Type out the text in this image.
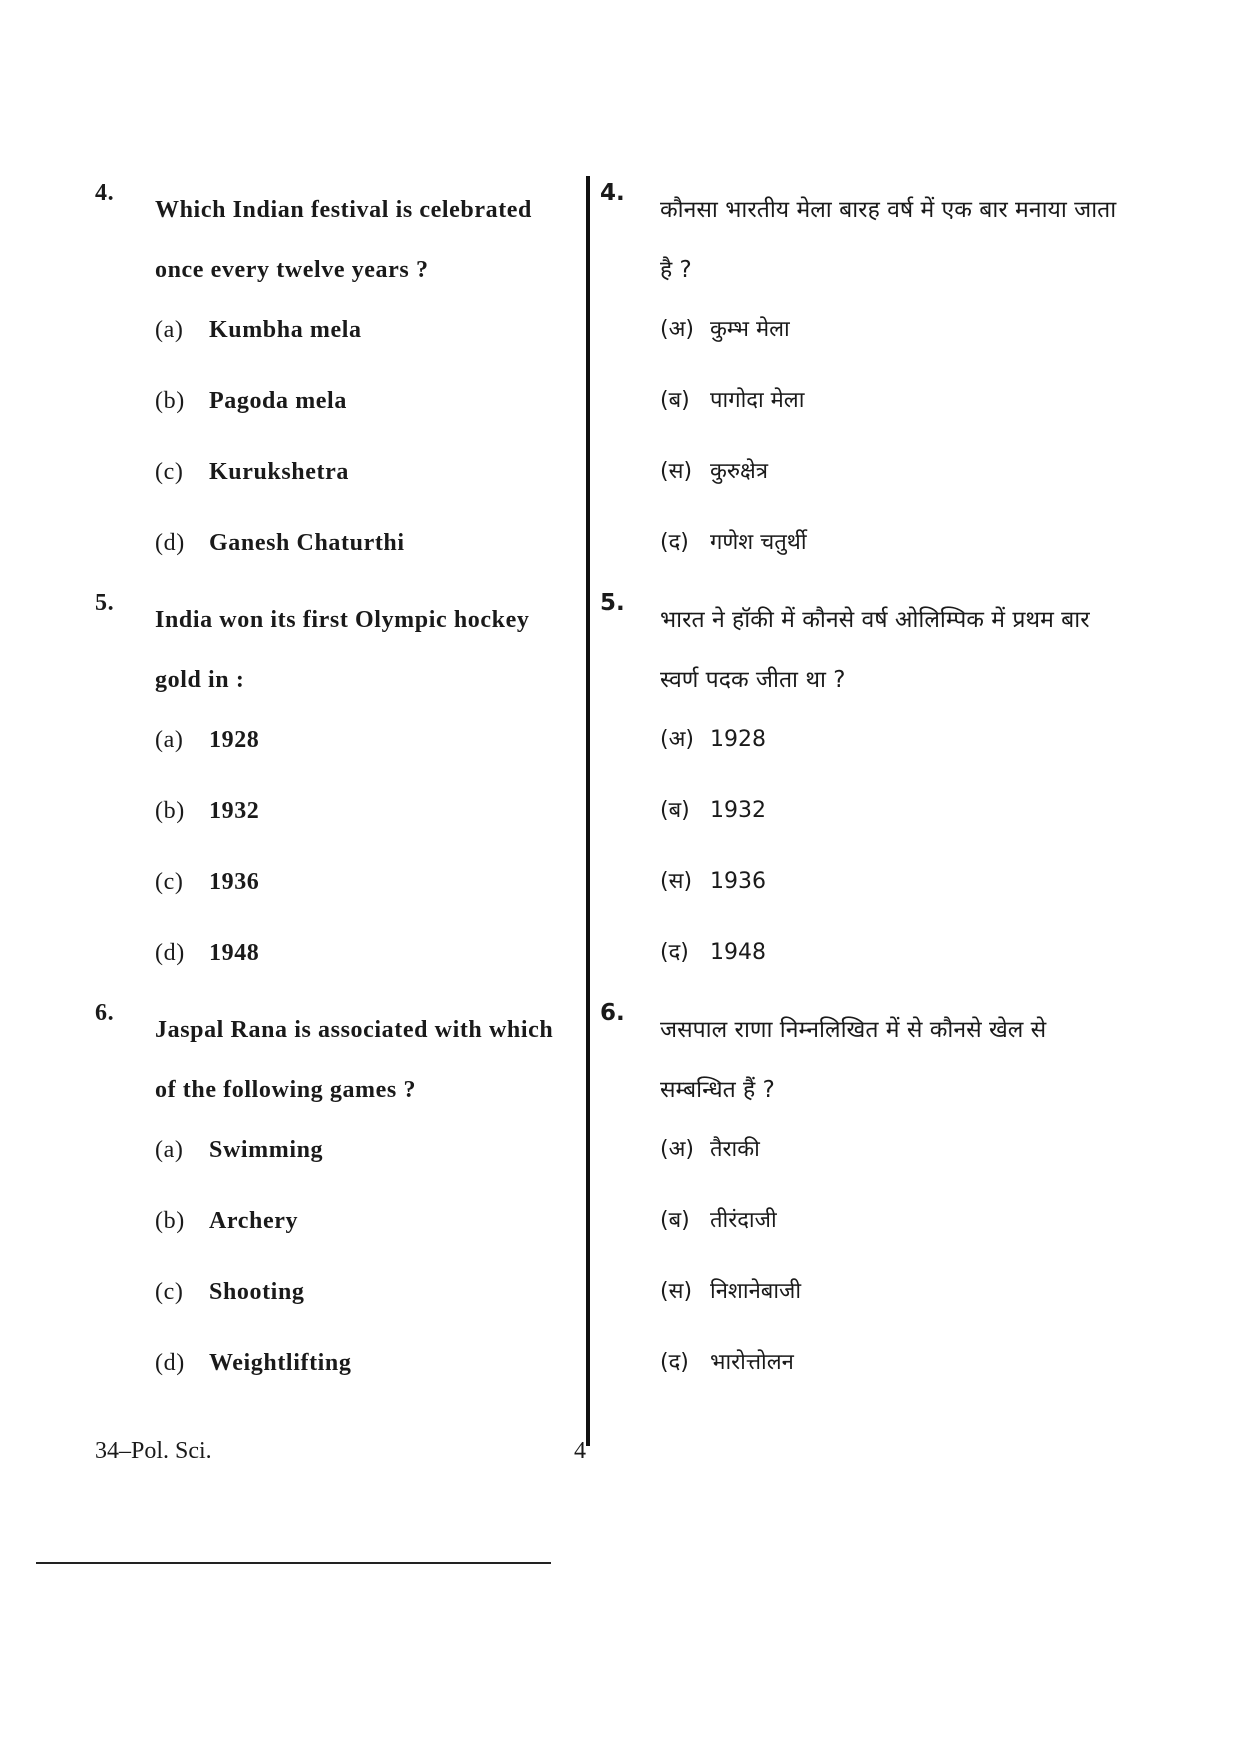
4.
Which Indian festival is celebrated once every twelve years ?
(a) Kumbha mela
(b) Pagoda mela
(c) Kurukshetra
(d) Ganesh Chaturthi
5.
India won its first Olympic hockey gold in :
(a) 1928
(b) 1932
(c) 1936
(d) 1948
6.
Jaspal Rana is associated with which of the following games ?
(a) Swimming
(b) Archery
(c) Shooting
(d) Weightlifting
4.
कौनसा भारतीय मेला बारह वर्ष में एक बार मनाया जाता है ?
(अ) कुम्भ मेला
(ब) पागोदा मेला
(स) कुरुक्षेत्र
(द) गणेश चतुर्थी
5.
भारत ने हॉकी में कौनसे वर्ष ओलिम्पिक में प्रथम बार स्वर्ण पदक जीता था ?
(अ) 1928
(ब) 1932
(स) 1936
(द) 1948
6.
जसपाल राणा निम्नलिखित में से कौनसे खेल से सम्बन्धित हैं ?
(अ) तैराकी
(ब) तीरंदाजी
(स) निशानेबाजी
(द) भारोत्तोलन
34–Pol. Sci.	4
